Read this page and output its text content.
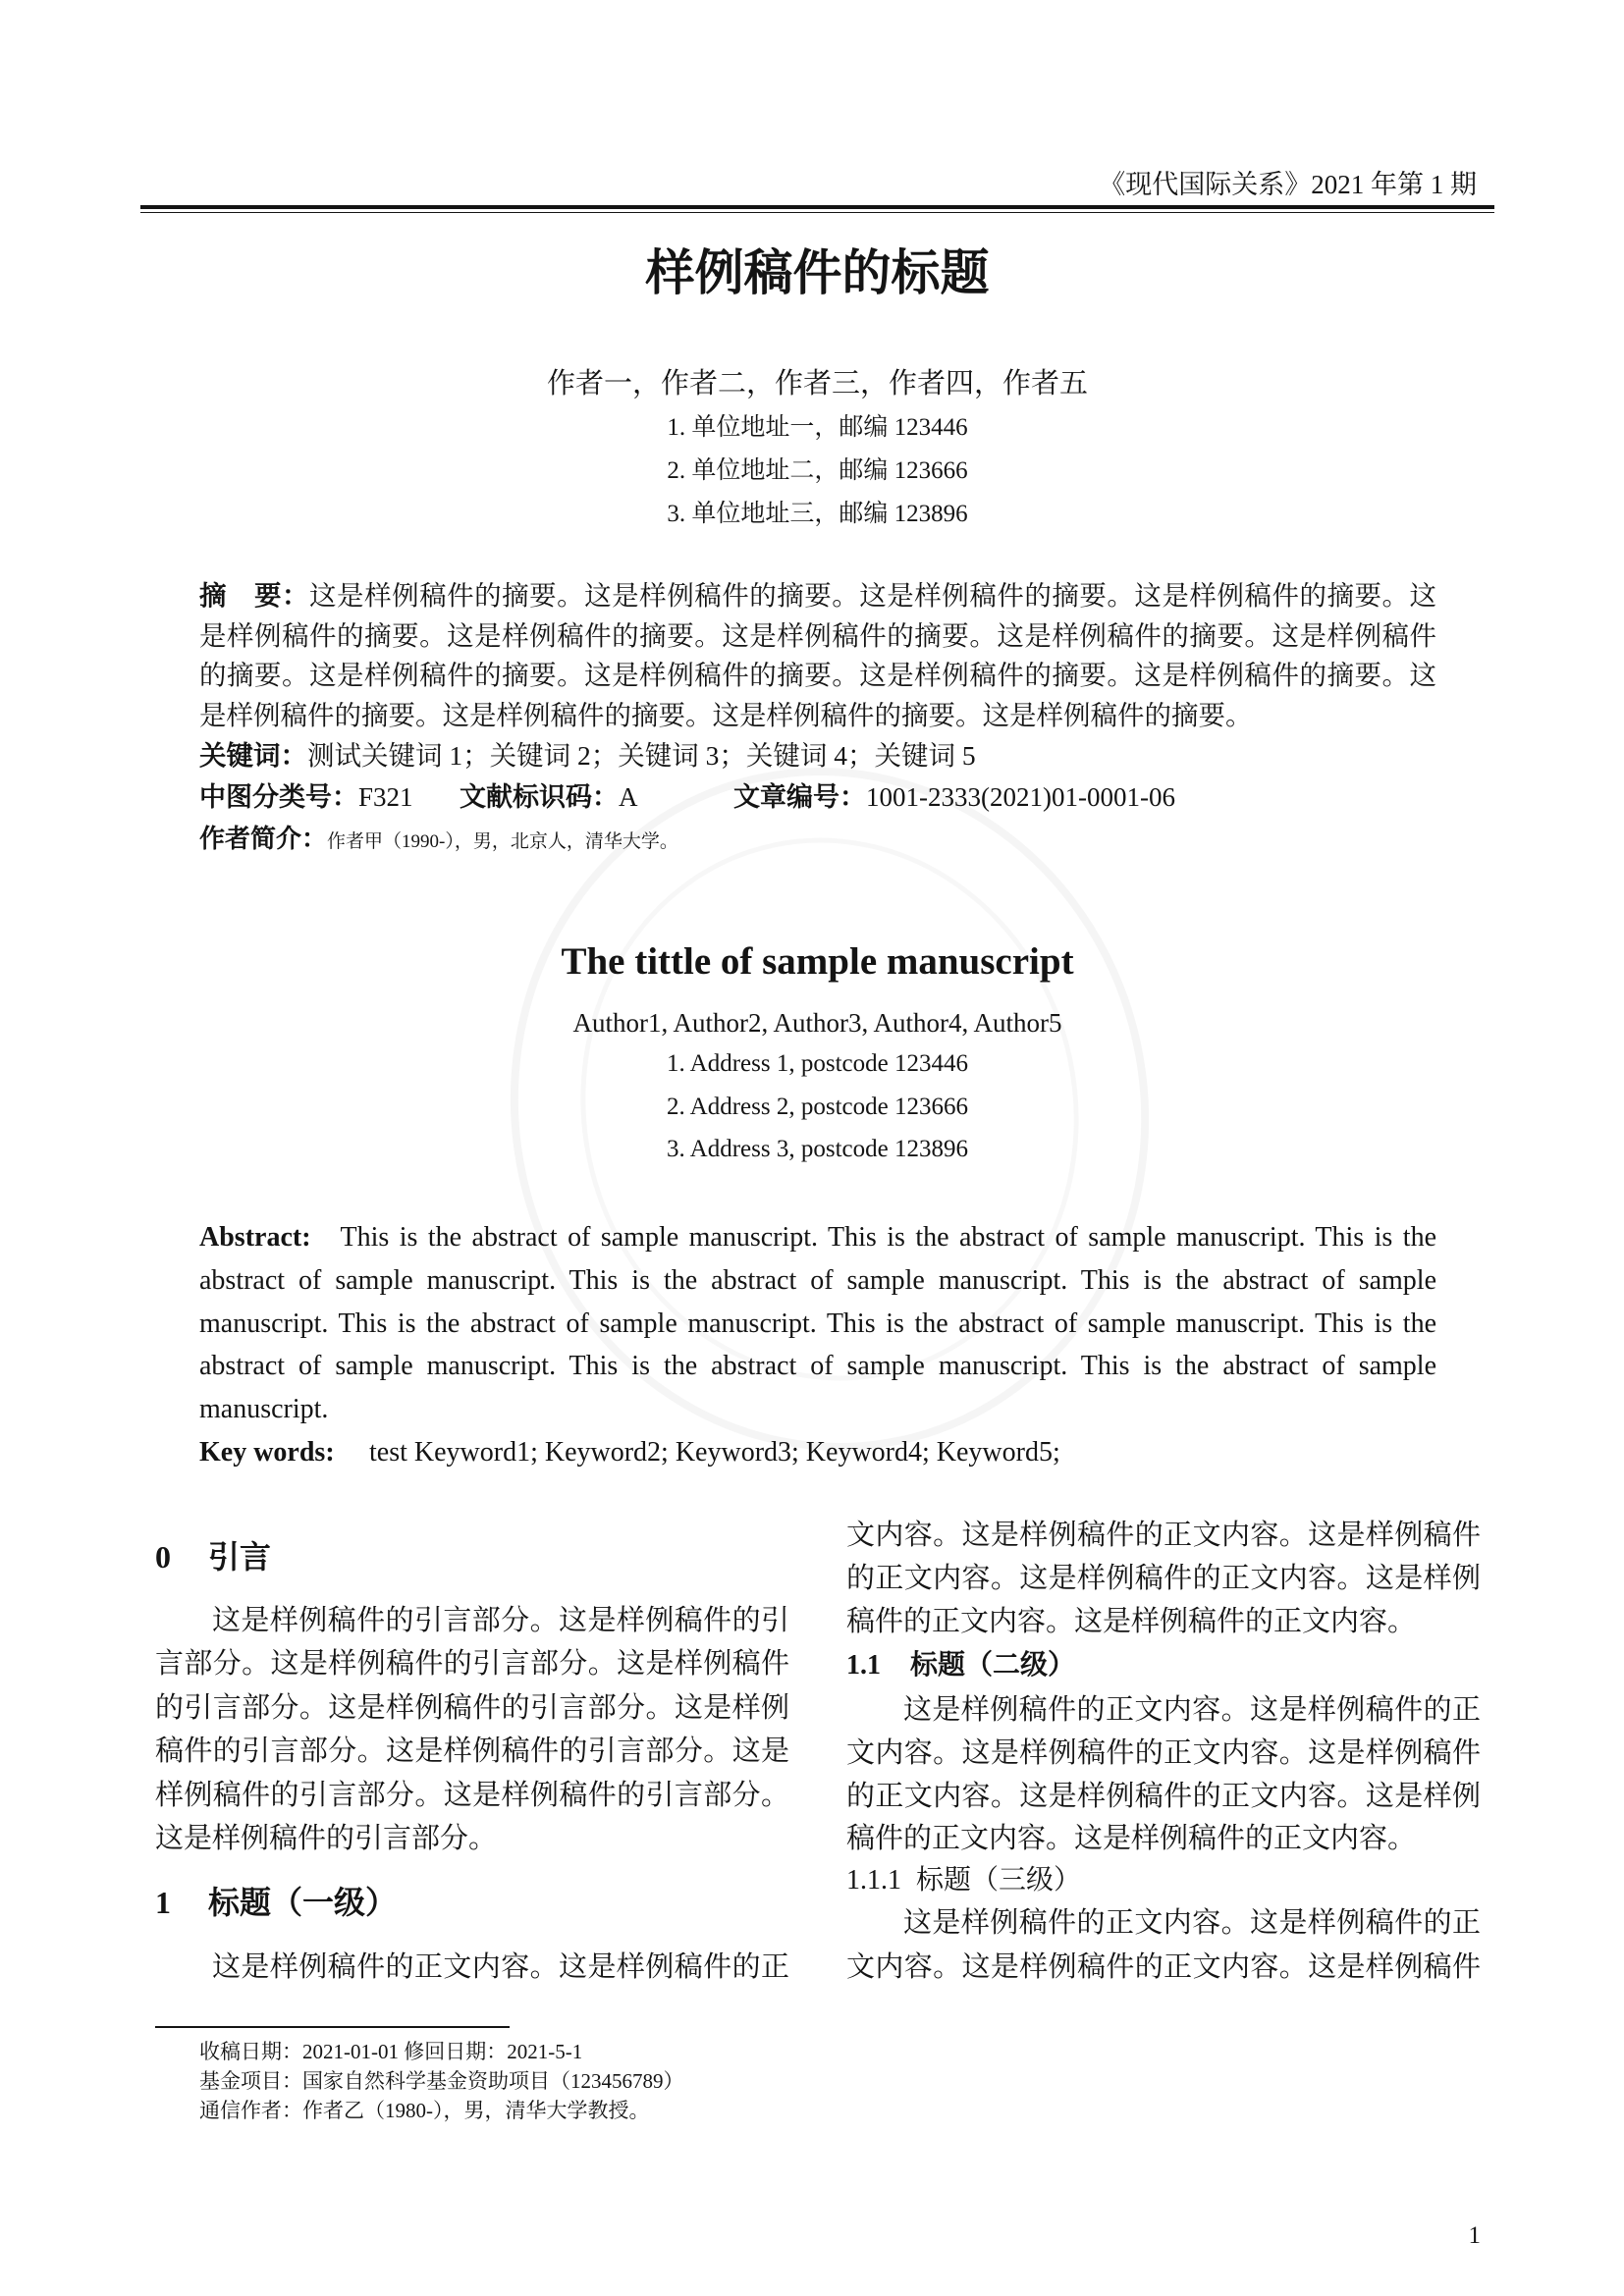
《现代国际关系》2021 年第 1 期
样例稿件的标题
作者一，作者二，作者三，作者四，作者五
1. 单位地址一，邮编 123446
2. 单位地址二，邮编 123666
3. 单位地址三，邮编 123896

摘　要：这是样例稿件的摘要。这是样例稿件的摘要。这是样例稿件的摘要。这是样例稿件的摘要。这是样例稿件的摘要。这是样例稿件的摘要。这是样例稿件的摘要。这是样例稿件的摘要。这是样例稿件的摘要。这是样例稿件的摘要。这是样例稿件的摘要。这是样例稿件的摘要。这是样例稿件的摘要。这是样例稿件的摘要。这是样例稿件的摘要。这是样例稿件的摘要。这是样例稿件的摘要。

关键词：测试关键词 1；关键词 2；关键词 3；关键词 4；关键词 5
中图分类号：F321 文献标识码：A	文章编号：1001-2333(2021)01-0001-06
作者简介：作者甲（1990-），男，北京人，清华大学。
The tittle of sample manuscript
Author1, Author2, Author3, Author4, Author5
1. Address 1, postcode 123446
2. Address 2, postcode 123666
3. Address 3, postcode 123896

Abstract: This is the abstract of sample manuscript. This is the abstract of sample manuscript. This is the abstract of sample manuscript. This is the abstract of sample manuscript. This is the abstract of sample manuscript. This is the abstract of sample manuscript. This is the abstract of sample manuscript. This is the abstract of sample manuscript. This is the abstract of sample manuscript. This is the abstract of sample manuscript.

Key words: test Keyword1; Keyword2; Keyword3; Keyword4; Keyword5;
0 引言

这是样例稿件的引言部分。这是样例稿件的引言部分。这是样例稿件的引言部分。这是样例稿件的引言部分。这是样例稿件的引言部分。这是样例稿件的引言部分。这是样例稿件的引言部分。这是样例稿件的引言部分。这是样例稿件的引言部分。这是样例稿件的引言部分。

1 标题（一级）

这是样例稿件的正文内容。这是样例稿件的正

文内容。这是样例稿件的正文内容。这是样例稿件的正文内容。这是样例稿件的正文内容。这是样例稿件的正文内容。这是样例稿件的正文内容。

1.1 标题（二级）

这是样例稿件的正文内容。这是样例稿件的正文内容。这是样例稿件的正文内容。这是样例稿件的正文内容。这是样例稿件的正文内容。这是样例稿件的正文内容。这是样例稿件的正文内容。

1.1.1 标题（三级）

这是样例稿件的正文内容。这是样例稿件的正文内容。这是样例稿件的正文内容。这是样例稿件

收稿日期：2021-01-01 修回日期：2021-5-1
基金项目：国家自然科学基金资助项目（123456789）
通信作者：作者乙（1980-），男，清华大学教授。
1
